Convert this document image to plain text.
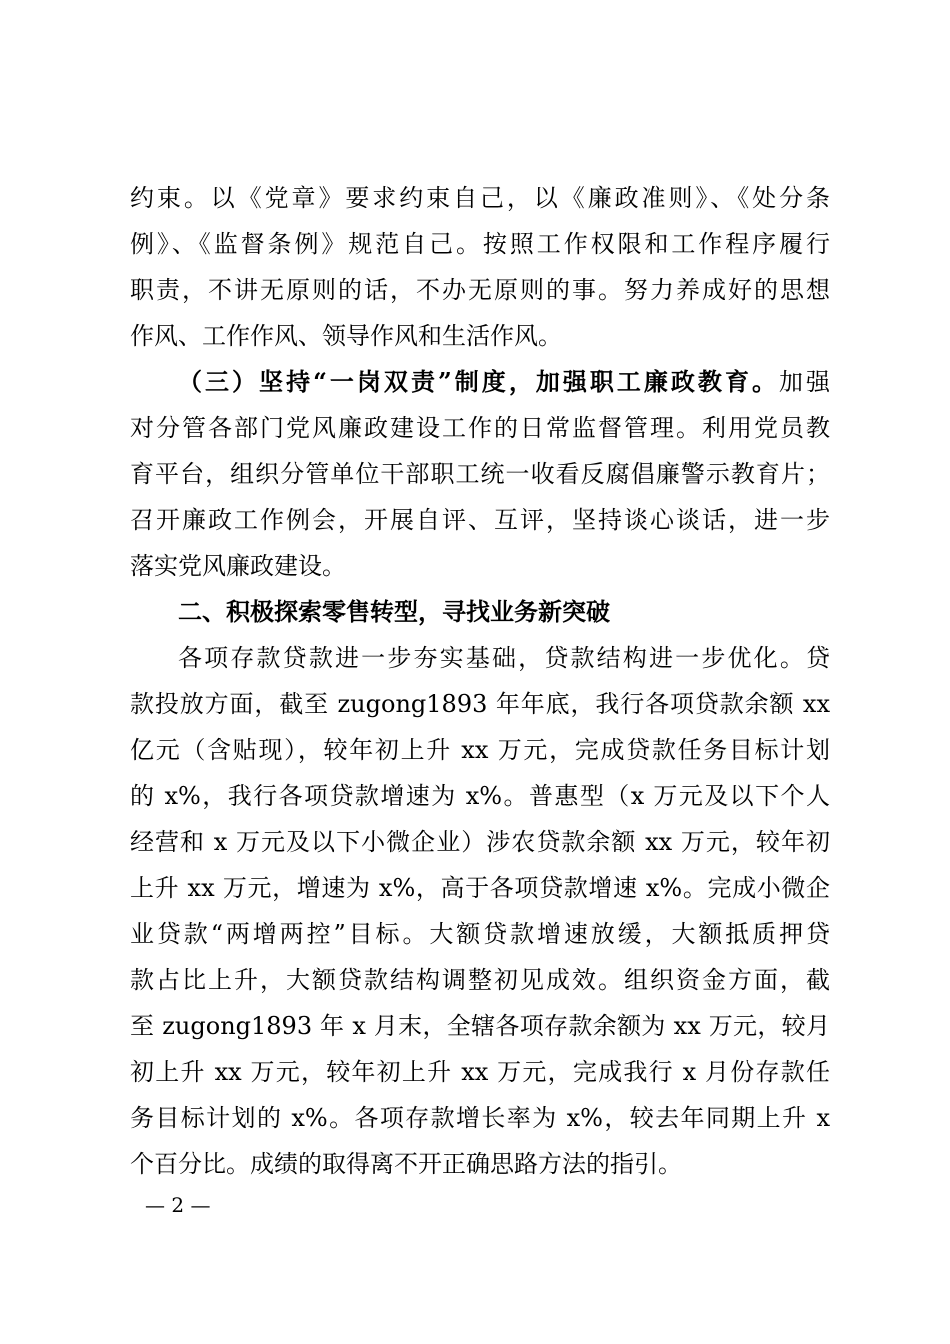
约束。以《党章》要求约束自己，以《廉政准则》、《处分条
例》、《监督条例》规范自己。按照工作权限和工作程序履行
职责，不讲无原则的话，不办无原则的事。努力养成好的思想
作风、工作作风、领导作风和生活作风。
（三）坚持“一岗双责”制度，加强职工廉政教育。加强
对分管各部门党风廉政建设工作的日常监督管理。利用党员教
育平台，组织分管单位干部职工统一收看反腐倡廉警示教育片；
召开廉政工作例会，开展自评、互评，坚持谈心谈话，进一步
落实党风廉政建设。
二、积极探索零售转型，寻找业务新突破
各项存款贷款进一步夯实基础，贷款结构进一步优化。贷
款投放方面，截至 zugong1893 年年底，我行各项贷款余额 xx
亿元（含贴现），较年初上升 xx 万元，完成贷款任务目标计划
的 x%，我行各项贷款增速为 x%。普惠型（x 万元及以下个人
经营和 x 万元及以下小微企业）涉农贷款余额 xx 万元，较年初
上升 xx 万元，增速为 x%，高于各项贷款增速 x%。完成小微企
业贷款“两增两控”目标。大额贷款增速放缓，大额抵质押贷
款占比上升，大额贷款结构调整初见成效。组织资金方面，截
至 zugong1893 年 x 月末，全辖各项存款余额为 xx 万元，较月
初上升 xx 万元，较年初上升 xx 万元，完成我行 x 月份存款任
务目标计划的 x%。各项存款增长率为 x%，较去年同期上升 x
个百分比。成绩的取得离不开正确思路方法的指引。
— 2 —
